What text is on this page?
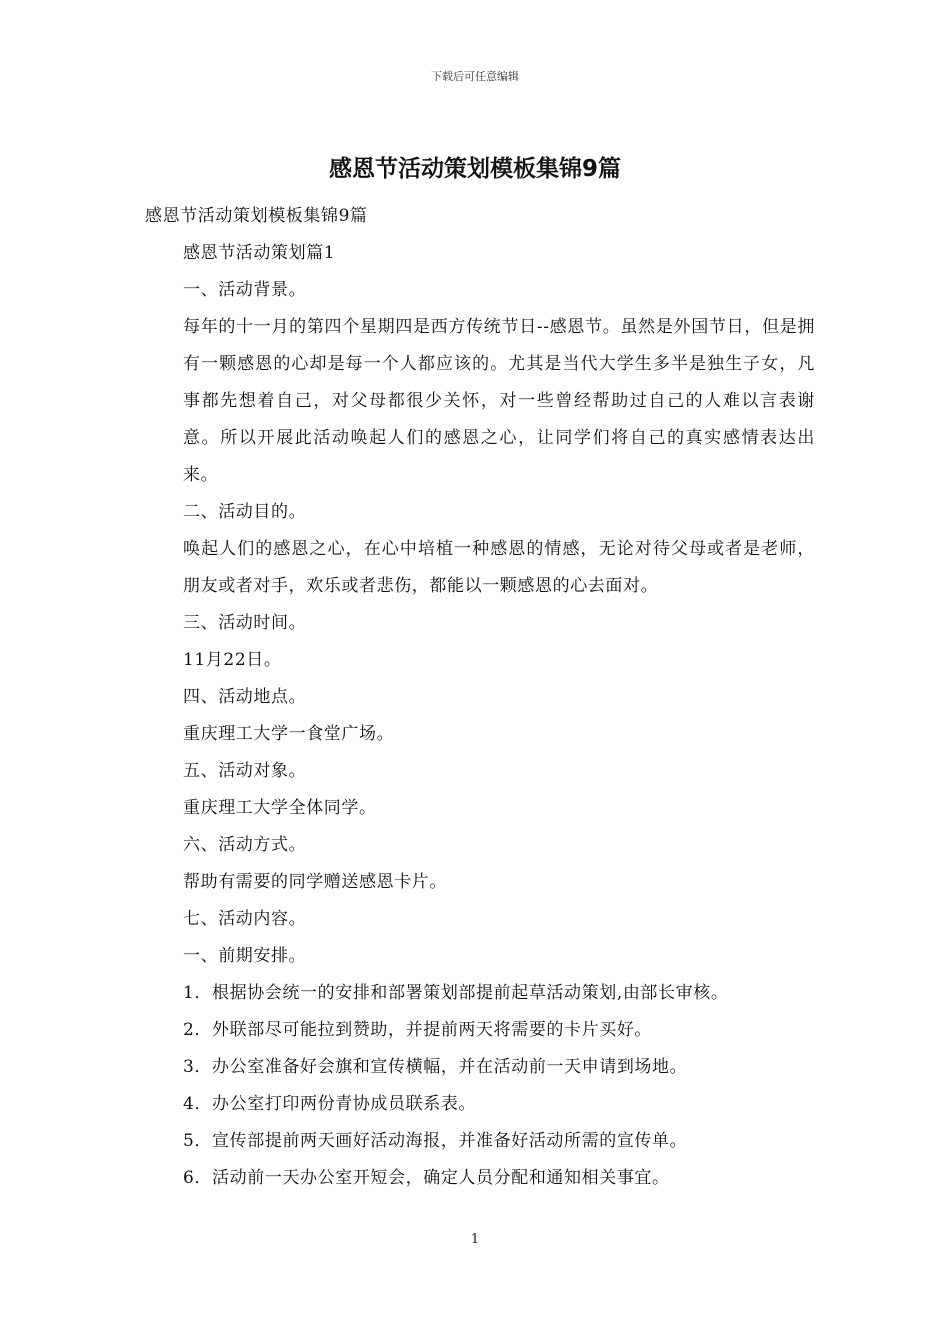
下载后可任意编辑
感恩节活动策划模板集锦9篇

感恩节活动策划模板集锦9篇

感恩节活动策划篇1

一、活动背景。

每年的十一月的第四个星期四是西方传统节日--感恩节。虽然是外国节日，但是拥有一颗感恩的心却是每一个人都应该的。尤其是当代大学生多半是独生子女，凡事都先想着自己，对父母都很少关怀，对一些曾经帮助过自己的人难以言表谢意。所以开展此活动唤起人们的感恩之心，让同学们将自己的真实感情表达出来。

二、活动目的。

唤起人们的感恩之心，在心中培植一种感恩的情感，无论对待父母或者是老师，朋友或者对手，欢乐或者悲伤，都能以一颗感恩的心去面对。

三、活动时间。

11月22日。

四、活动地点。

重庆理工大学一食堂广场。

五、活动对象。

重庆理工大学全体同学。

六、活动方式。

帮助有需要的同学赠送感恩卡片。

七、活动内容。

一、前期安排。

1．根据协会统一的安排和部署策划部提前起草活动策划,由部长审核。

2．外联部尽可能拉到赞助，并提前两天将需要的卡片买好。

3．办公室准备好会旗和宣传横幅，并在活动前一天申请到场地。

4．办公室打印两份青协成员联系表。

5．宣传部提前两天画好活动海报，并准备好活动所需的宣传单。

6．活动前一天办公室开短会，确定人员分配和通知相关事宜。

1
